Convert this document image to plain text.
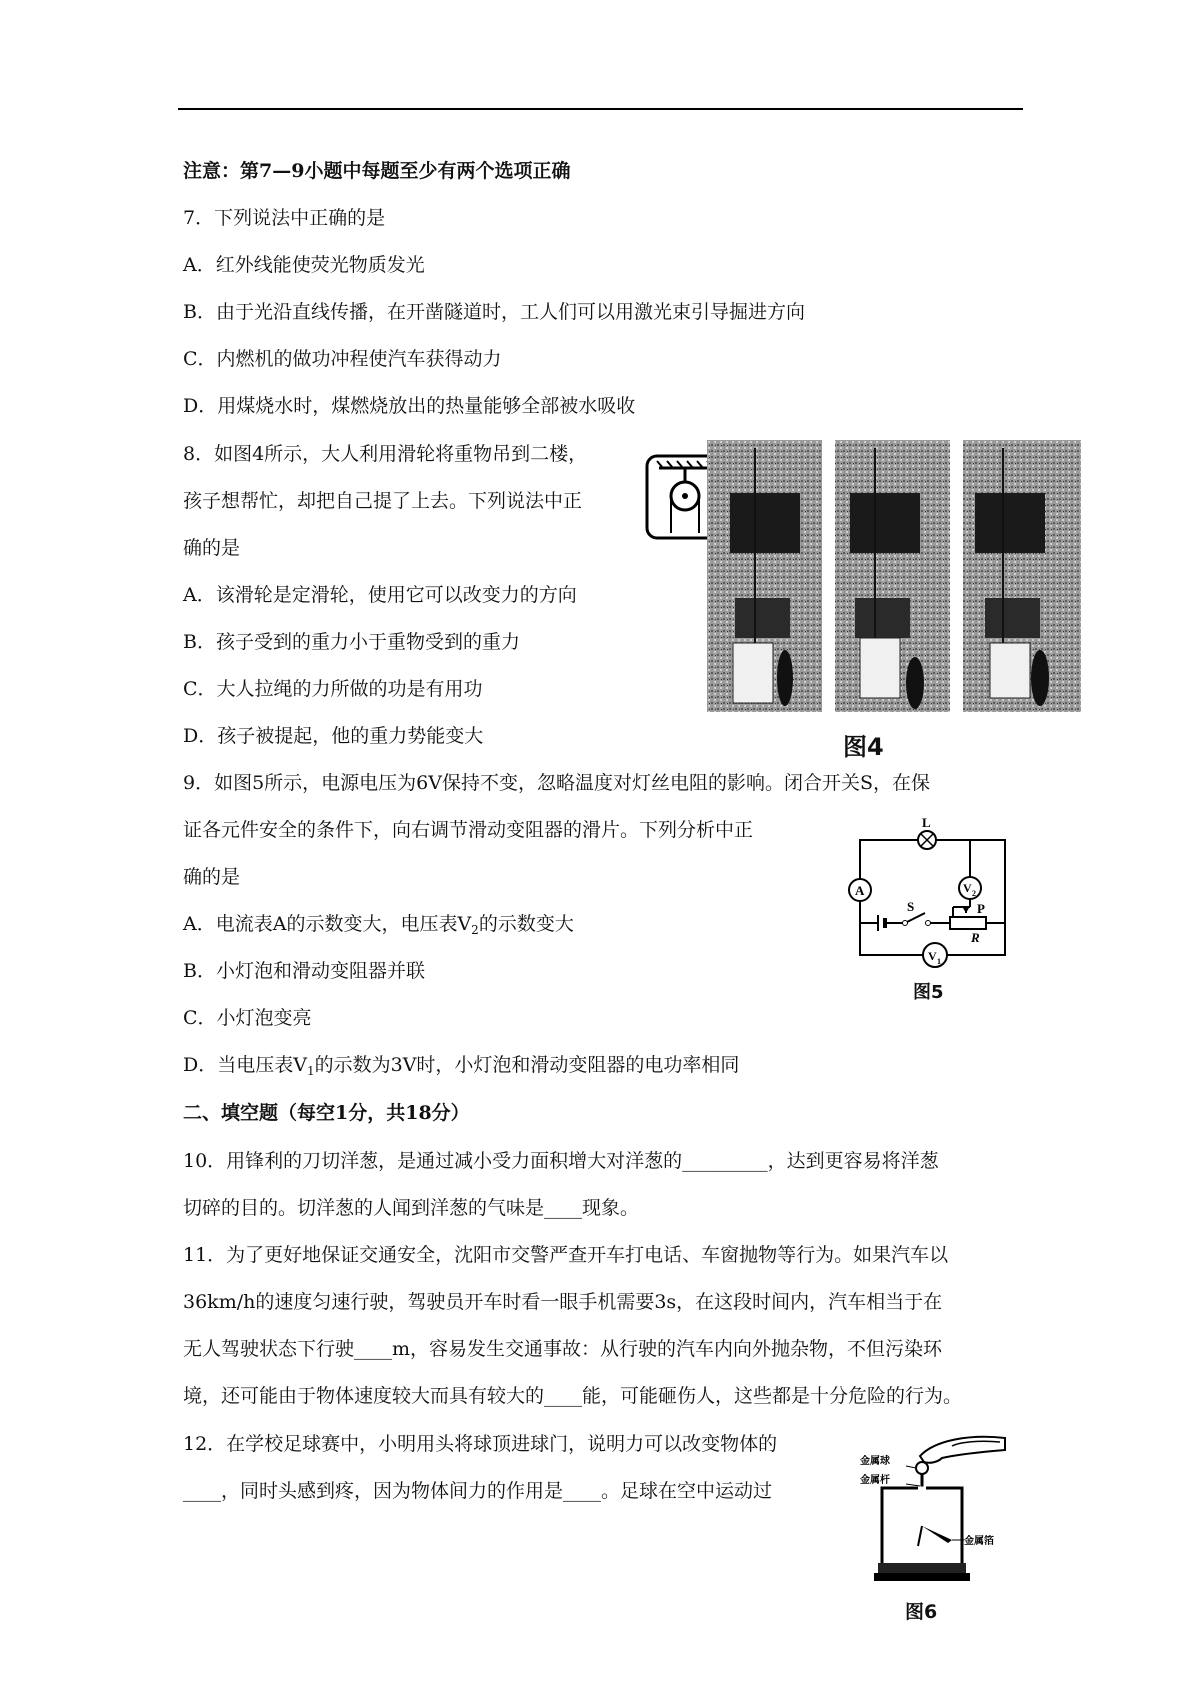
注意：第7—9小题中每题至少有两个选项正确
7．下列说法中正确的是
A．红外线能使荧光物质发光
B．由于光沿直线传播，在开凿隧道时，工人们可以用激光束引导掘进方向
C．内燃机的做功冲程使汽车获得动力
D．用煤烧水时，煤燃烧放出的热量能够全部被水吸收
8．如图4所示，大人利用滑轮将重物吊到二楼，
孩子想帮忙，却把自己提了上去。下列说法中正
确的是
A．该滑轮是定滑轮，使用它可以改变力的方向
B．孩子受到的重力小于重物受到的重力
C．大人拉绳的力所做的功是有用功
D．孩子被提起，他的重力势能变大	图4
9．如图5所示，电源电压为6V保持不变，忽略温度对灯丝电阻的影响。闭合开关S，在保
证各元件安全的条件下，向右调节滑动变阻器的滑片。下列分析中正
确的是
A．电流表A的示数变大，电压表$V_2$的示数变大
B．小灯泡和滑动变阻器并联
C．小灯泡变亮
D．当电压表$V_1$的示数为3V时，小灯泡和滑动变阻器的电功率相同
L
A	V 2
V 1
S	P
R
图5
二、填空题（每空1分，共18分）
10．用锋利的刀切洋葱，是通过减小受力面积增大对洋葱的_________，达到更容易将洋葱
切碎的目的。切洋葱的人闻到洋葱的气味是____现象。
11．为了更好地保证交通安全，沈阳市交警严查开车打电话、车窗抛物等行为。如果汽车以
36km/h的速度匀速行驶，驾驶员开车时看一眼手机需要3s，在这段时间内，汽车相当于在
无人驾驶状态下行驶____m，容易发生交通事故：从行驶的汽车内向外抛杂物，不但污染环
境，还可能由于物体速度较大而具有较大的____能，可能砸伤人，这些都是十分危险的行为。
12．在学校足球赛中，小明用头将球顶进球门，说明力可以改变物体的
____，同时头感到疼，因为物体间力的作用是____。足球在空中运动过
金属球
金属杆
金属箔
图6
